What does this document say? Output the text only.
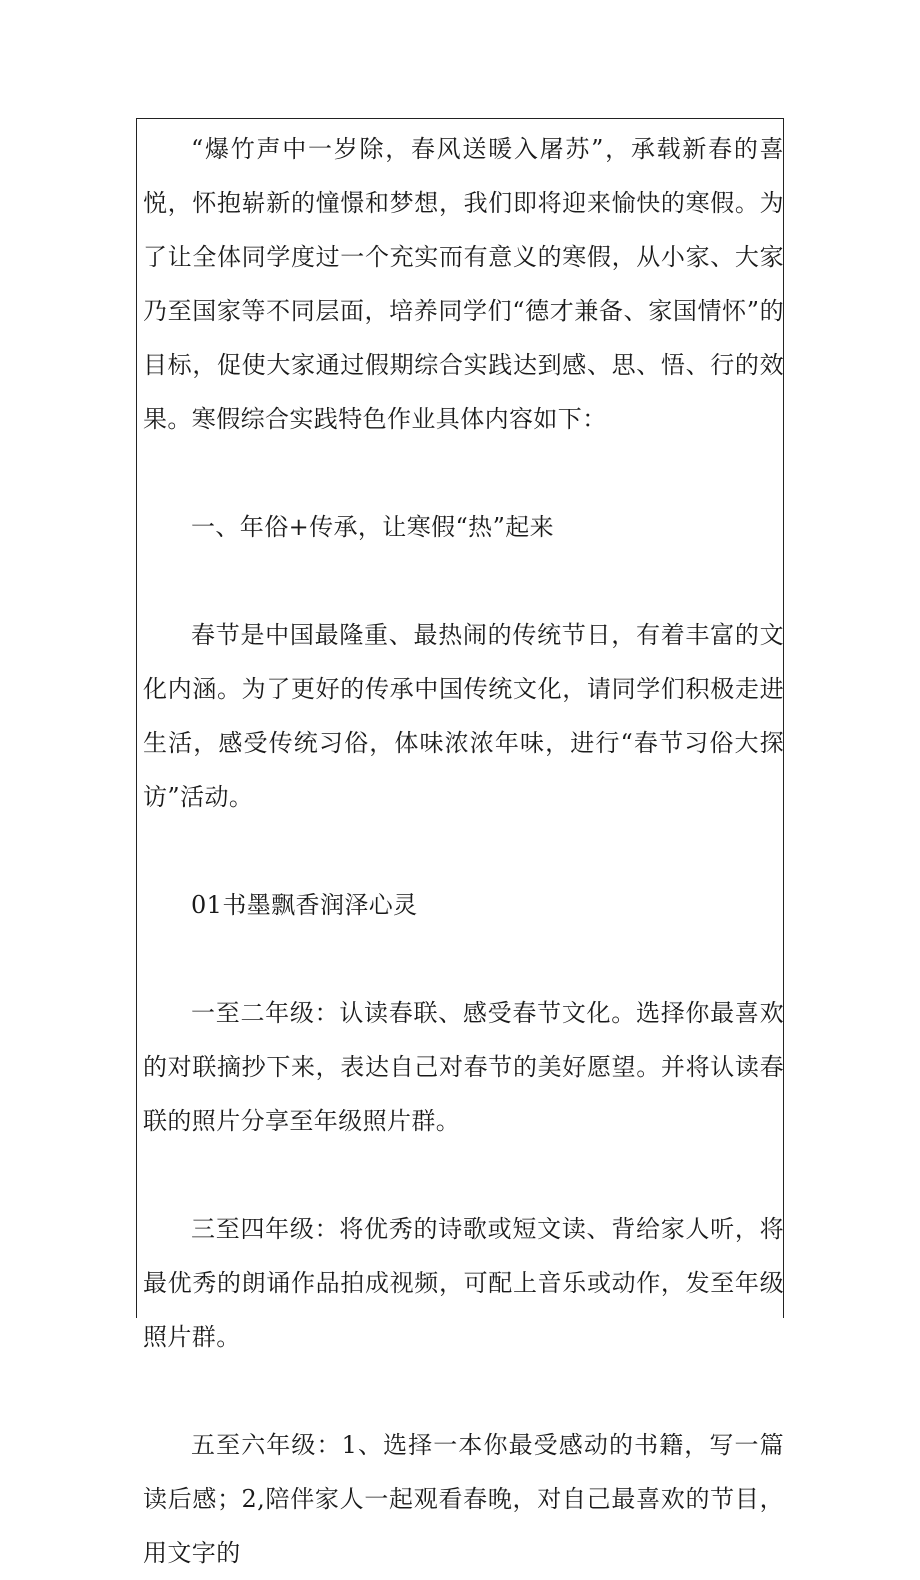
“爆竹声中一岁除，春风送暖入屠苏”，承载新春的喜悦，怀抱崭新的憧憬和梦想，我们即将迎来愉快的寒假。为了让全体同学度过一个充实而有意义的寒假，从小家、大家乃至国家等不同层面，培养同学们“德才兼备、家国情怀”的目标，促使大家通过假期综合实践达到感、思、悟、行的效果。寒假综合实践特色作业具体内容如下：

一、年俗+传承，让寒假“热”起来

春节是中国最隆重、最热闹的传统节日，有着丰富的文化内涵。为了更好的传承中国传统文化，请同学们积极走进生活，感受传统习俗，体味浓浓年味，进行“春节习俗大探访”活动。

01书墨飘香润泽心灵

一至二年级：认读春联、感受春节文化。选择你最喜欢的对联摘抄下来，表达自己对春节的美好愿望。并将认读春联的照片分享至年级照片群。

三至四年级：将优秀的诗歌或短文读、背给家人听，将最优秀的朗诵作品拍成视频，可配上音乐或动作，发至年级照片群。

五至六年级：1、选择一本你最受感动的书籍，写一篇读后感；2,陪伴家人一起观看春晚，对自己最喜欢的节目，用文字的
